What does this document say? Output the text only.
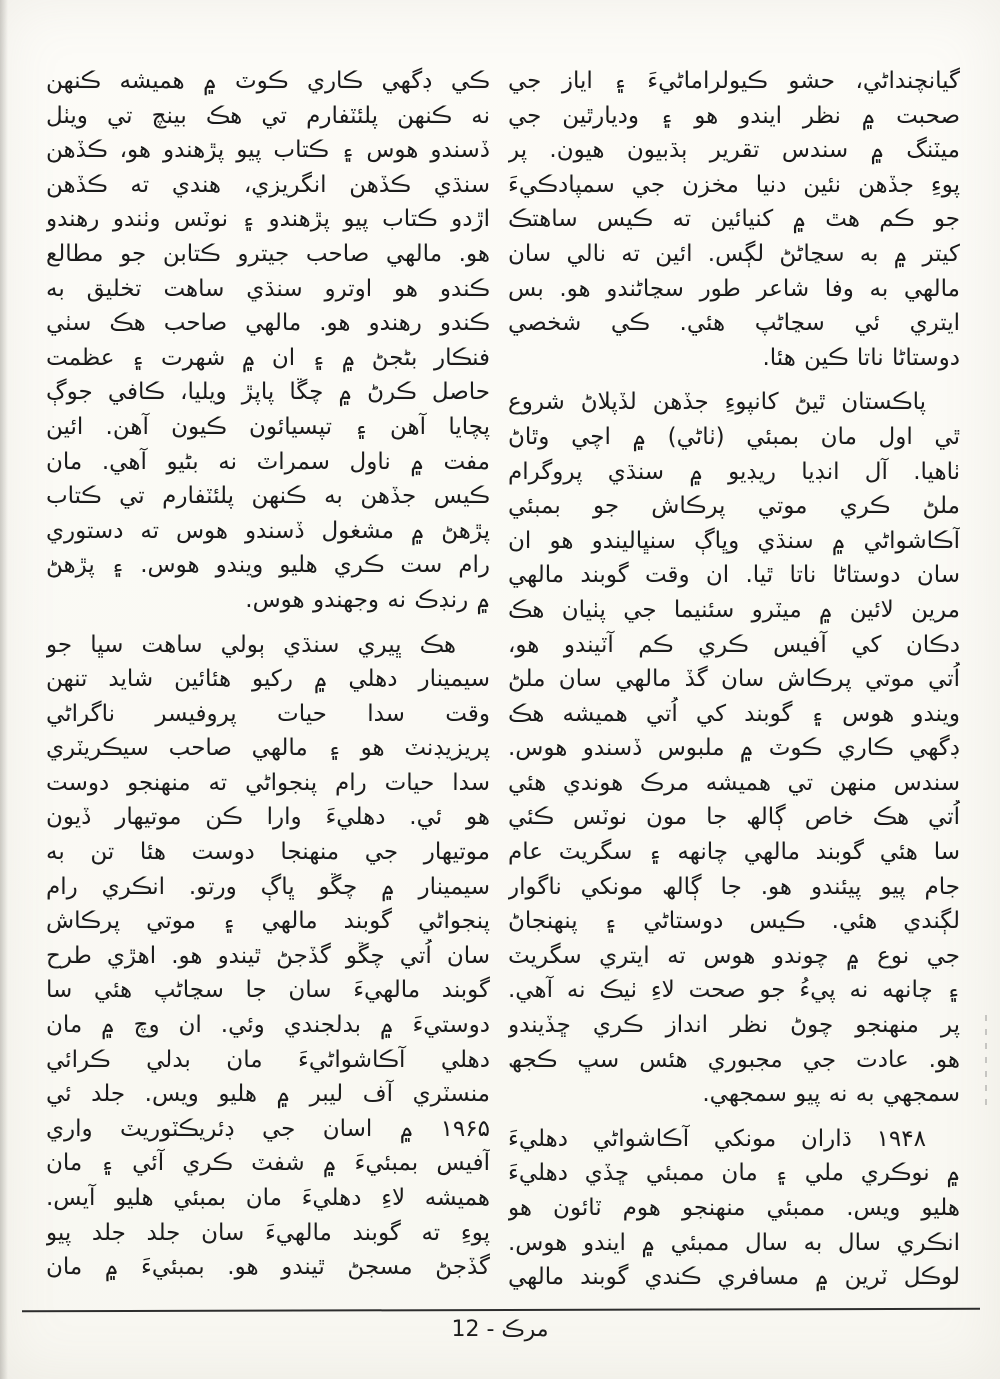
گيانچنداڻي، حشو ڪيولراماڻيءَ ۽ اياز جي
صحبت ۾ نظر ايندو هو ۽ وديارٿين جي
ميٽنگ ۾ سندس تقرير ٻڌبيون هيون. پر
پوءِ جڏهن نئين دنيا مخزن جي سمپادڪيءَ
جو ڪم هٿ ۾ کنيائين ته ڪيس ساهتڪ
کيتر ۾ به سڃاڻڻ لڳس. ائين ته نالي سان
مالهي به وفا شاعر طور سڃاڻندو هو. بس
ايتري ئي سڃاڻپ هئي. ڪي شخصي
دوستاڻا ناتا ڪين هئا.
پاڪستان ٿيڻ کانپوءِ جڏهن لڏپلاڻ شروع
ٿي اول مان بمبئي (ٺاڻي) ۾ اچي وٿاڻ
ٺاهيا. آل انڊيا ريڊيو ۾ سنڌي پروگرام
ملڻ ڪري موتي پرڪاش جو بمبئي
آڪاشواڻي ۾ سنڌي وڀاڳ سنڀاليندو هو ان
سان دوستاڻا ناتا ٿيا. ان وقت گوبند مالهي
مرين لائين ۾ ميٽرو سئنيما جي پٺيان هڪ
دڪان کي آفيس ڪري ڪم آٽيندو هو،
اُتي موتي پرڪاش سان گڏ مالهي سان ملڻ
ويندو هوس ۽ گوبند کي اُتي هميشه هڪ
ڊگهي ڪاري ڪوٽ ۾ ملبوس ڏسندو هوس.
سندس منهن تي هميشه مرڪ هوندي هئي
اُتي هڪ خاص ڳالھ جا مون نوٽس ڪئي
سا هئي گوبند مالهي چانهه ۽ سگريٽ عام
جام پيو پيئندو هو. جا ڳالھ مونکي ناگوار
لڳندي هئي. ڪيس دوستاڻي ۽ پنهنجاڻ
جي نوع ۾ چوندو هوس ته ايتري سگريٽ
۽ چانهه نه پيءُ جو صحت لاءِ ٺيڪ نه آهي.
پر منهنجو چوڻ نظر انداز ڪري ڇڏيندو
هو. عادت جي مجبوري هئس سڀ ڪجھ
سمجهي به نه پيو سمجهي.
۱۹۴۸ ڌاران مونکي آڪاشواڻي دهليءَ
۾ نوڪري ملي ۽ مان ممبئي ڇڏي دهليءَ
هليو ويس. ممبئي منهنجو هوم ٽائون هو
انڪري سال به سال ممبئي ۾ ايندو هوس.
لوڪل ٽرين ۾ مسافري ڪندي گوبند مالهي
ڪي ڊگهي ڪاري ڪوٽ ۾ هميشه ڪنهن
نه ڪنهن پلئٽفارم تي هڪ بينچ تي ويٺل
ڏسندو هوس ۽ ڪتاب پيو پڙهندو هو، ڪڏهن
سنڌي ڪڏهن انگريزي، هندي ته ڪڏهن
اڙدو ڪتاب پيو پڙهندو ۽ نوٽس وٺندو رهندو
هو. مالهي صاحب جيترو ڪتابن جو مطالع
ڪندو هو اوترو سنڌي ساهت تخليق به
ڪندو رهندو هو. مالهي صاحب هڪ سٺي
فنڪار بڻجڻ ۾ ۽ ان ۾ شهرت ۽ عظمت
حاصل ڪرڻ ۾ چڱا پاپڙ ويليا، ڪافي جوڳ
پچايا آهن ۽ تپسيائون ڪيون آهن. ائين
مفت ۾ ناول سمراٽ نه بڻيو آهي. مان
ڪيس جڏهن به ڪنهن پلئٽفارم تي ڪتاب
پڙهڻ ۾ مشغول ڏسندو هوس ته دستوري
رام ست ڪري هليو ويندو هوس. ۽ پڙهڻ
۾ رنڊڪ نه وجهندو هوس.
هڪ ڀيري سنڌي ٻولي ساهت سڀا جو
سيمينار دهلي ۾ رکيو هئائين شايد تنهن
وقت سدا حيات پروفيسر ناگراڻي
پريزيڊنٽ هو ۽ مالهي صاحب سيڪريٽري
سدا حيات رام پنجواڻي ته منهنجو دوست
هو ئي. دهليءَ وارا ڪن موتيهار ڏيون
موتيهار جي منهنجا دوست هئا تن به
سيمينار ۾ چڱو ڀاڳ ورتو. انڪري رام
پنجواڻي گوبند مالهي ۽ موتي پرڪاش
سان اُتي چڱو گڏجڻ ٿيندو هو. اهڙي طرح
گوبند مالهيءَ سان جا سڃاڻپ هئي سا
دوستيءَ ۾ بدلجندي وئي. ان وچ ۾ مان
دهلي آڪاشواڻيءَ مان بدلي ڪرائي
منسٽري آف ليبر ۾ هليو ويس. جلد ئي
۱۹۶۵ ۾ اسان جي ڊئريڪٽوريٽ واري
آفيس بمبئيءَ ۾ شفٽ ڪري آئي ۽ مان
هميشه لاءِ دهليءَ مان بمبئي هليو آيس.
پوءِ ته گوبند مالهيءَ سان جلد جلد پيو
گڏجڻ مسجڻ ٿيندو هو. بمبئيءَ ۾ مان
مرڪ - 12
